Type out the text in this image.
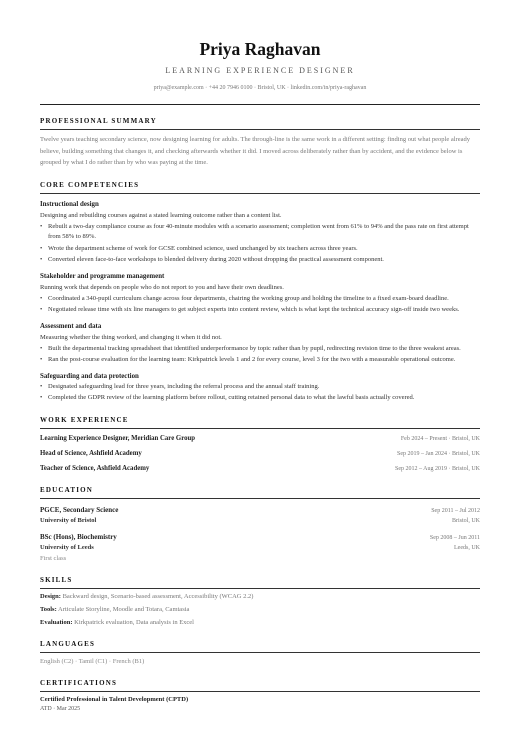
Priya Raghavan
LEARNING EXPERIENCE DESIGNER
priya@example.com · +44 20 7946 0100 · Bristol, UK · linkedin.com/in/priya-raghavan
PROFESSIONAL SUMMARY
Twelve years teaching secondary science, now designing learning for adults. The through-line is the same work in a different setting: finding out what people already believe, building something that changes it, and checking afterwards whether it did. I moved across deliberately rather than by accident, and the evidence below is grouped by what I do rather than by who was paying at the time.
CORE COMPETENCIES
Instructional design
Designing and rebuilding courses against a stated learning outcome rather than a content list.
• Rebuilt a two-day compliance course as four 40-minute modules with a scenario assessment; completion went from 61% to 94% and the pass rate on first attempt from 58% to 89%.
• Wrote the department scheme of work for GCSE combined science, used unchanged by six teachers across three years.
• Converted eleven face-to-face workshops to blended delivery during 2020 without dropping the practical assessment component.
Stakeholder and programme management
Running work that depends on people who do not report to you and have their own deadlines.
• Coordinated a 340-pupil curriculum change across four departments, chairing the working group and holding the timeline to a fixed exam-board deadline.
• Negotiated release time with six line managers to get subject experts into content review, which is what kept the technical accuracy sign-off inside two weeks.
Assessment and data
Measuring whether the thing worked, and changing it when it did not.
• Built the departmental tracking spreadsheet that identified underperformance by topic rather than by pupil, redirecting revision time to the three weakest areas.
• Ran the post-course evaluation for the learning team: Kirkpatrick levels 1 and 2 for every course, level 3 for the two with a measurable operational outcome.
Safeguarding and data protection
• Designated safeguarding lead for three years, including the referral process and the annual staff training.
• Completed the GDPR review of the learning platform before rollout, cutting retained personal data to what the lawful basis actually covered.
WORK EXPERIENCE
Learning Experience Designer, Meridian Care Group	Feb 2024 – Present · Bristol, UK
Head of Science, Ashfield Academy	Sep 2019 – Jan 2024 · Bristol, UK
Teacher of Science, Ashfield Academy	Sep 2012 – Aug 2019 · Bristol, UK
EDUCATION
PGCE, Secondary Science	Sep 2011 – Jul 2012
University of Bristol	Bristol, UK
BSc (Hons), Biochemistry	Sep 2008 – Jun 2011
University of Leeds	Leeds, UK
First class
SKILLS
Design: Backward design, Scenario-based assessment, Accessibility (WCAG 2.2)
Tools: Articulate Storyline, Moodle and Totara, Camtasia
Evaluation: Kirkpatrick evaluation, Data analysis in Excel
LANGUAGES
English (C2) · Tamil (C1) · French (B1)
CERTIFICATIONS
Certified Professional in Talent Development (CPTD)
ATD · Mar 2025
